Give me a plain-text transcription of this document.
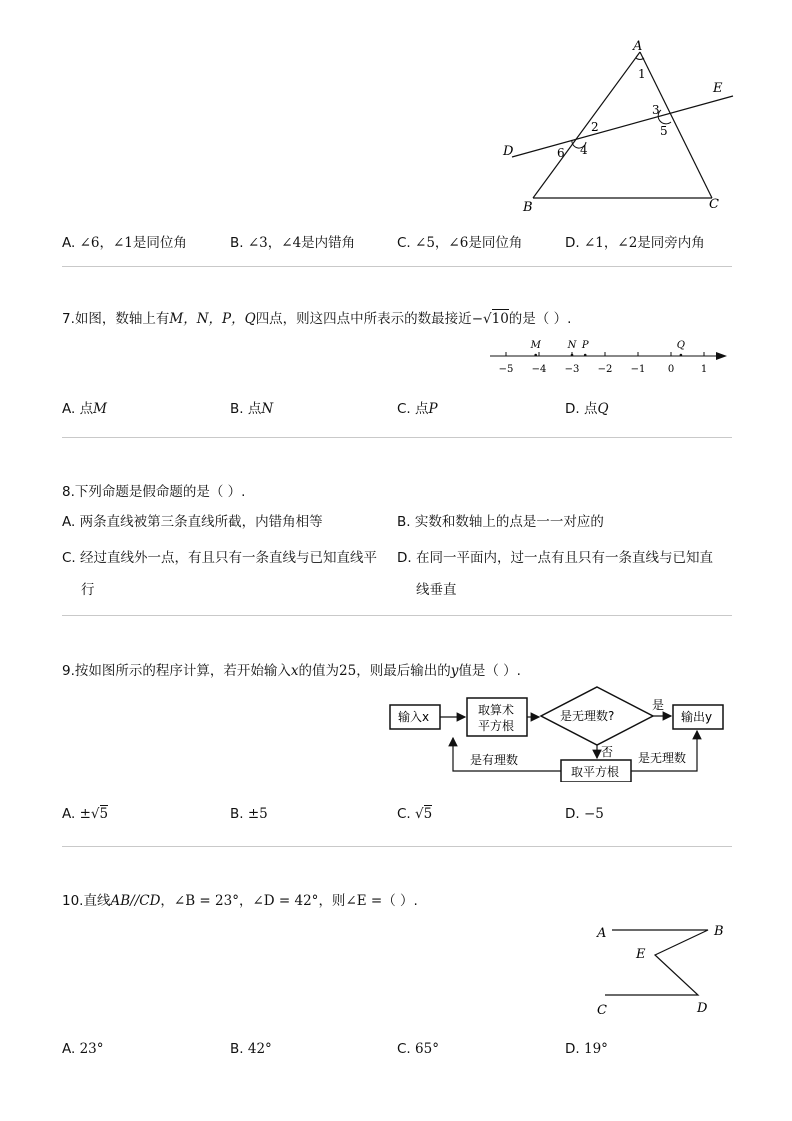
A
B	C
D
E
1
2
3
4
5
6
A. ∠6，∠1是同位角	B. ∠3，∠4是内错角	C. ∠5，∠6是同位角	D. ∠1，∠2是同旁内角
7.如图，数轴上有M，N，P，Q四点，则这四点中所表示的数最接近−√10的是（ ）.
−5 −4 −3 −2 −1 0	1
M	N P	Q
A. 点M	B. 点N	C. 点P	D. 点Q
8.下列命题是假命题的是（ ）.
A. 两条直线被第三条直线所截，内错角相等	B. 实数和数轴上的点是一一对应的
C. 经过直线外一点，有且只有一条直线与已知直线平
行
D. 在同一平面内，过一点有且只有一条直线与已知直
线垂直
9.按如图所示的程序计算，若开始输入x的值为25，则最后输出的y值是（ ）.
输入x	取算术
平方根
是无理数?
是
否
输出y
取平方根
是有理数	是无理数
A. ±√5	B. ±5	C. √5	D. −5
10.直线AB//CD，∠B = 23°，∠D = 42°，则∠E =（ ）.
A	B
E
C	D
A. 23°	B. 42°	C. 65°	D. 19°
